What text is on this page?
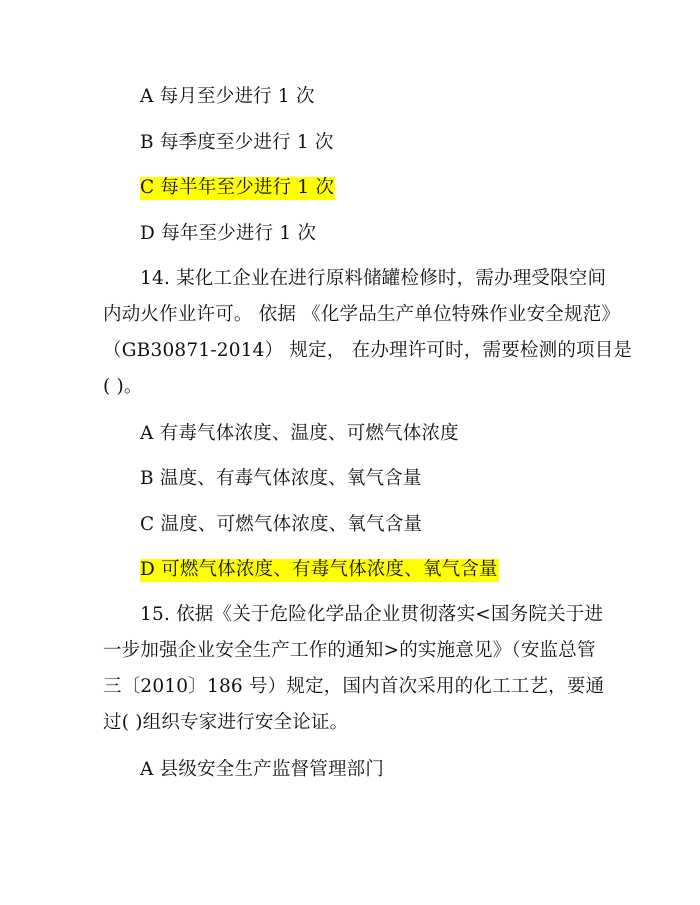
A 每月至少进行 1 次
B 每季度至少进行 1 次
C 每半年至少进行 1 次
D 每年至少进行 1 次
14. 某化工企业在进行原料储罐检修时，需办理受限空间
内动火作业许可。 依据 《化学品生产单位特殊作业安全规范》
（GB30871-2014） 规定， 在办理许可时，需要检测的项目是
( )。
A 有毒气体浓度、温度、可燃气体浓度
B 温度、有毒气体浓度、氧气含量
C 温度、可燃气体浓度、氧气含量
D 可燃气体浓度、有毒气体浓度、氧气含量
15. 依据《关于危险化学品企业贯彻落实<国务院关于进
一步加强企业安全生产工作的通知>的实施意见》（安监总管
三〔2010〕186 号）规定，国内首次采用的化工工艺，要通
过( )组织专家进行安全论证。
A 县级安全生产监督管理部门
